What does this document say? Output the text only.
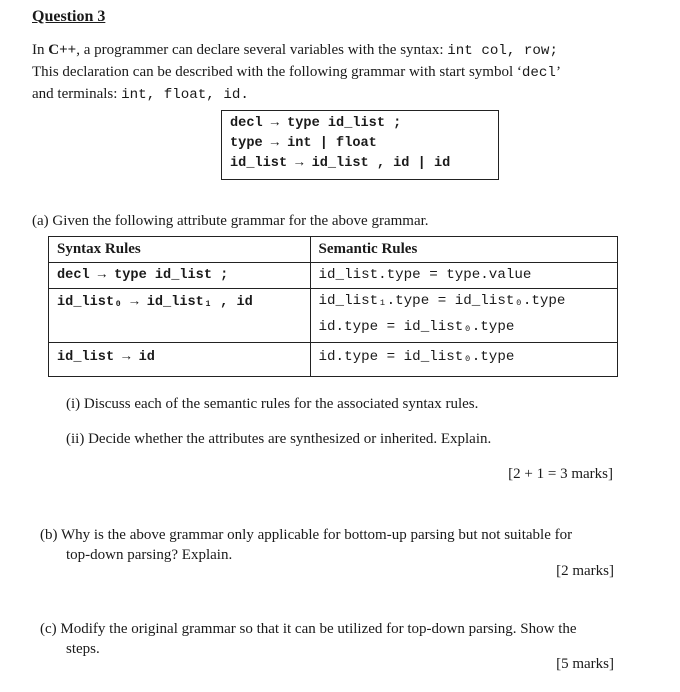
Question 3
In C++, a programmer can declare several variables with the syntax: int col, row;
This declaration can be described with the following grammar with start symbol ‘decl’
and terminals: int, float, id.
decl → type id_list ;
type → int | float
id_list → id_list , id | id
(a) Given the following attribute grammar for the above grammar.
Syntax Rules	Semantic Rules

decl → type id_list ;	id_list.type = type.value

id_list₀ → id_list₁ , id	id_list₁.type = id_list₀.type
id.type = id_list₀.type

id_list → id	id.type = id_list₀.type
(i) Discuss each of the semantic rules for the associated syntax rules.
(ii) Decide whether the attributes are synthesized or inherited. Explain.
[2 + 1 = 3 marks]
(b) Why is the above grammar only applicable for bottom-up parsing but not suitable for
top-down parsing? Explain.
[2 marks]
(c) Modify the original grammar so that it can be utilized for top-down parsing. Show the
steps.
[5 marks]
